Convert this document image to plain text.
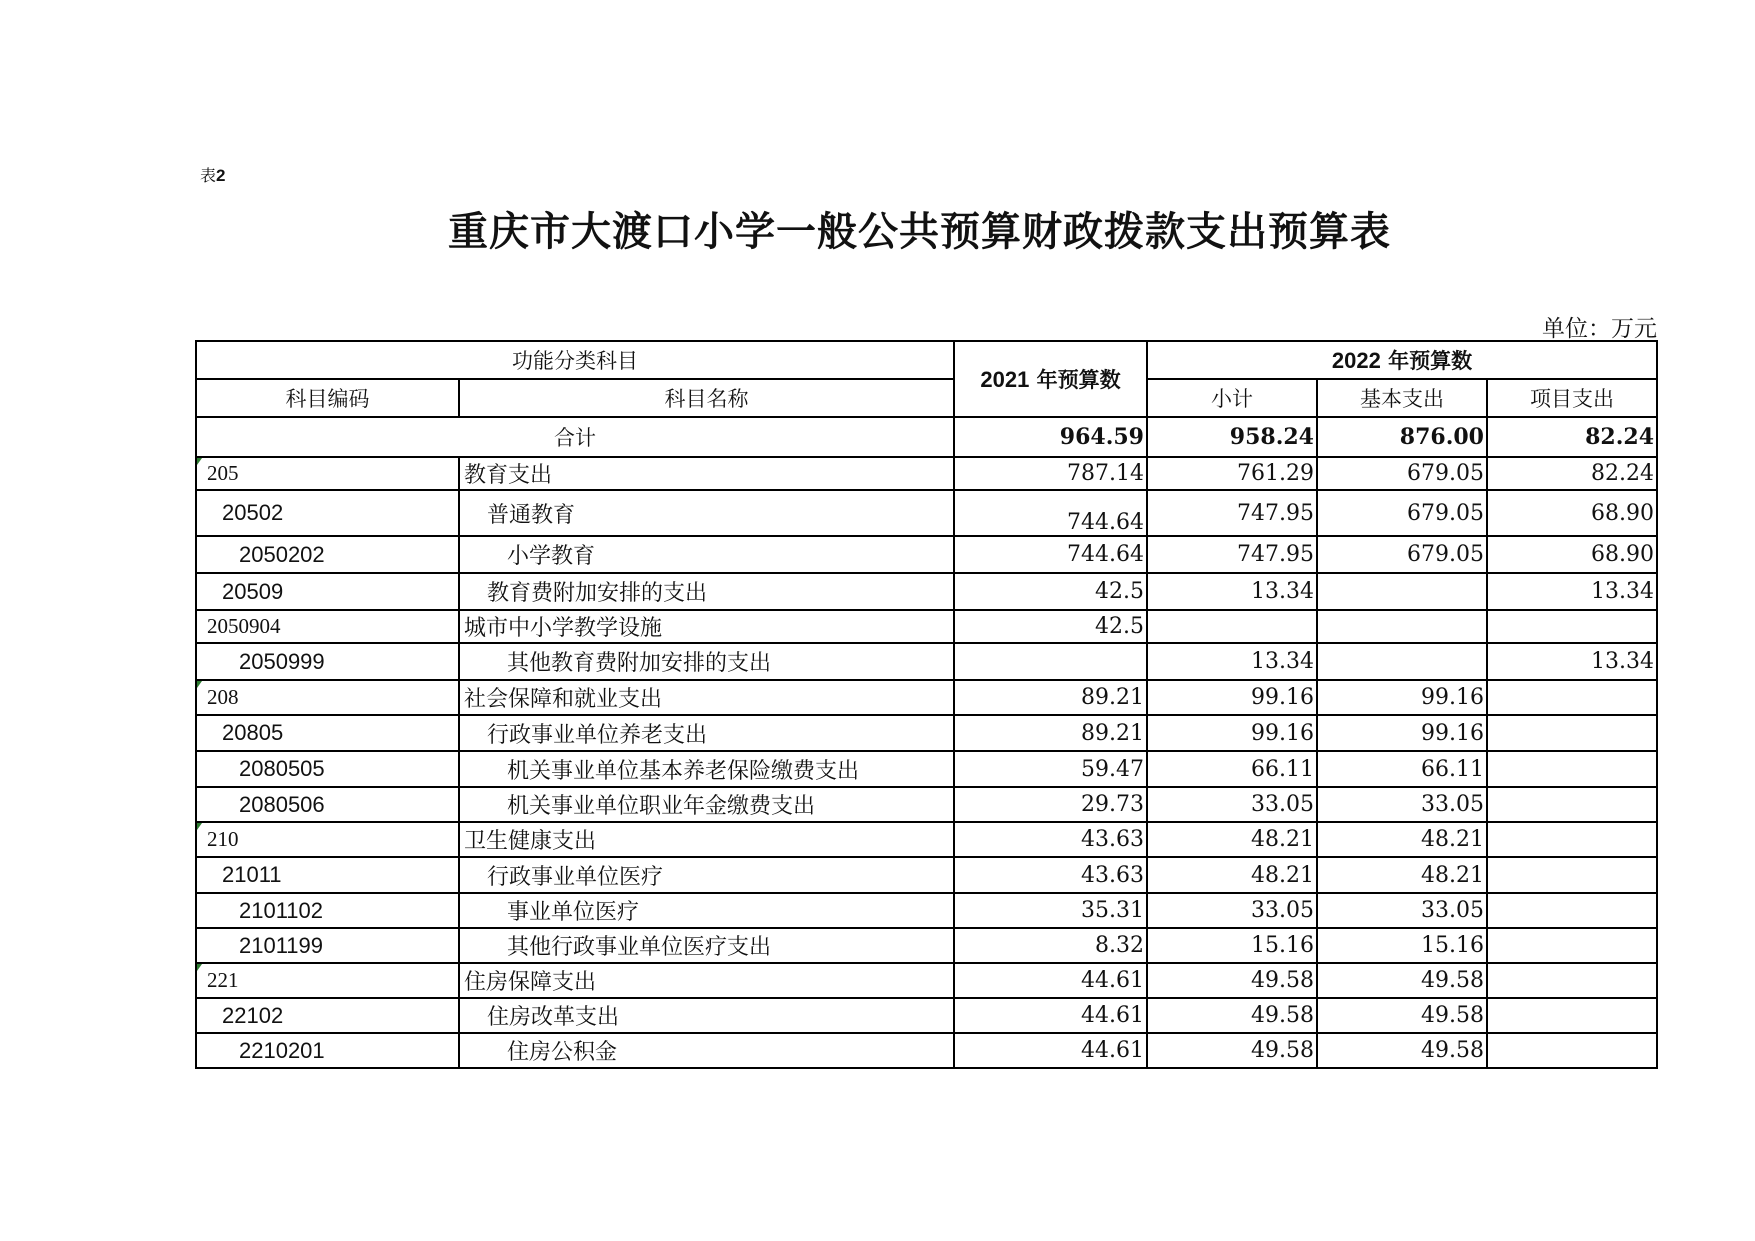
表2
重庆市大渡口小学一般公共预算财政拨款支出预算表
单位：万元
功能分类科目		2021 年预算数	2022 年预算数		
科目编码	科目名称		小计	基本支出	项目支出
合计		964.59	958.24	876.00	82.24
205	教育支出	787.14	761.29	679.05	82.24
20502	普通教育	744.64	747.95	679.05	68.90
2050202	小学教育	744.64	747.95	679.05	68.90
20509	教育费附加安排的支出	42.5	13.34		13.34
2050904	城市中小学教学设施	42.5			
2050999	其他教育费附加安排的支出		13.34		13.34
208	社会保障和就业支出	89.21	99.16	99.16	
20805	行政事业单位养老支出	89.21	99.16	99.16	
2080505	机关事业单位基本养老保险缴费支出	59.47	66.11	66.11	
2080506	机关事业单位职业年金缴费支出	29.73	33.05	33.05	
210	卫生健康支出	43.63	48.21	48.21	
21011	行政事业单位医疗	43.63	48.21	48.21	
2101102	事业单位医疗	35.31	33.05	33.05	
2101199	其他行政事业单位医疗支出	8.32	15.16	15.16	
221	住房保障支出	44.61	49.58	49.58	
22102	住房改革支出	44.61	49.58	49.58	
2210201	住房公积金	44.61	49.58	49.58	
